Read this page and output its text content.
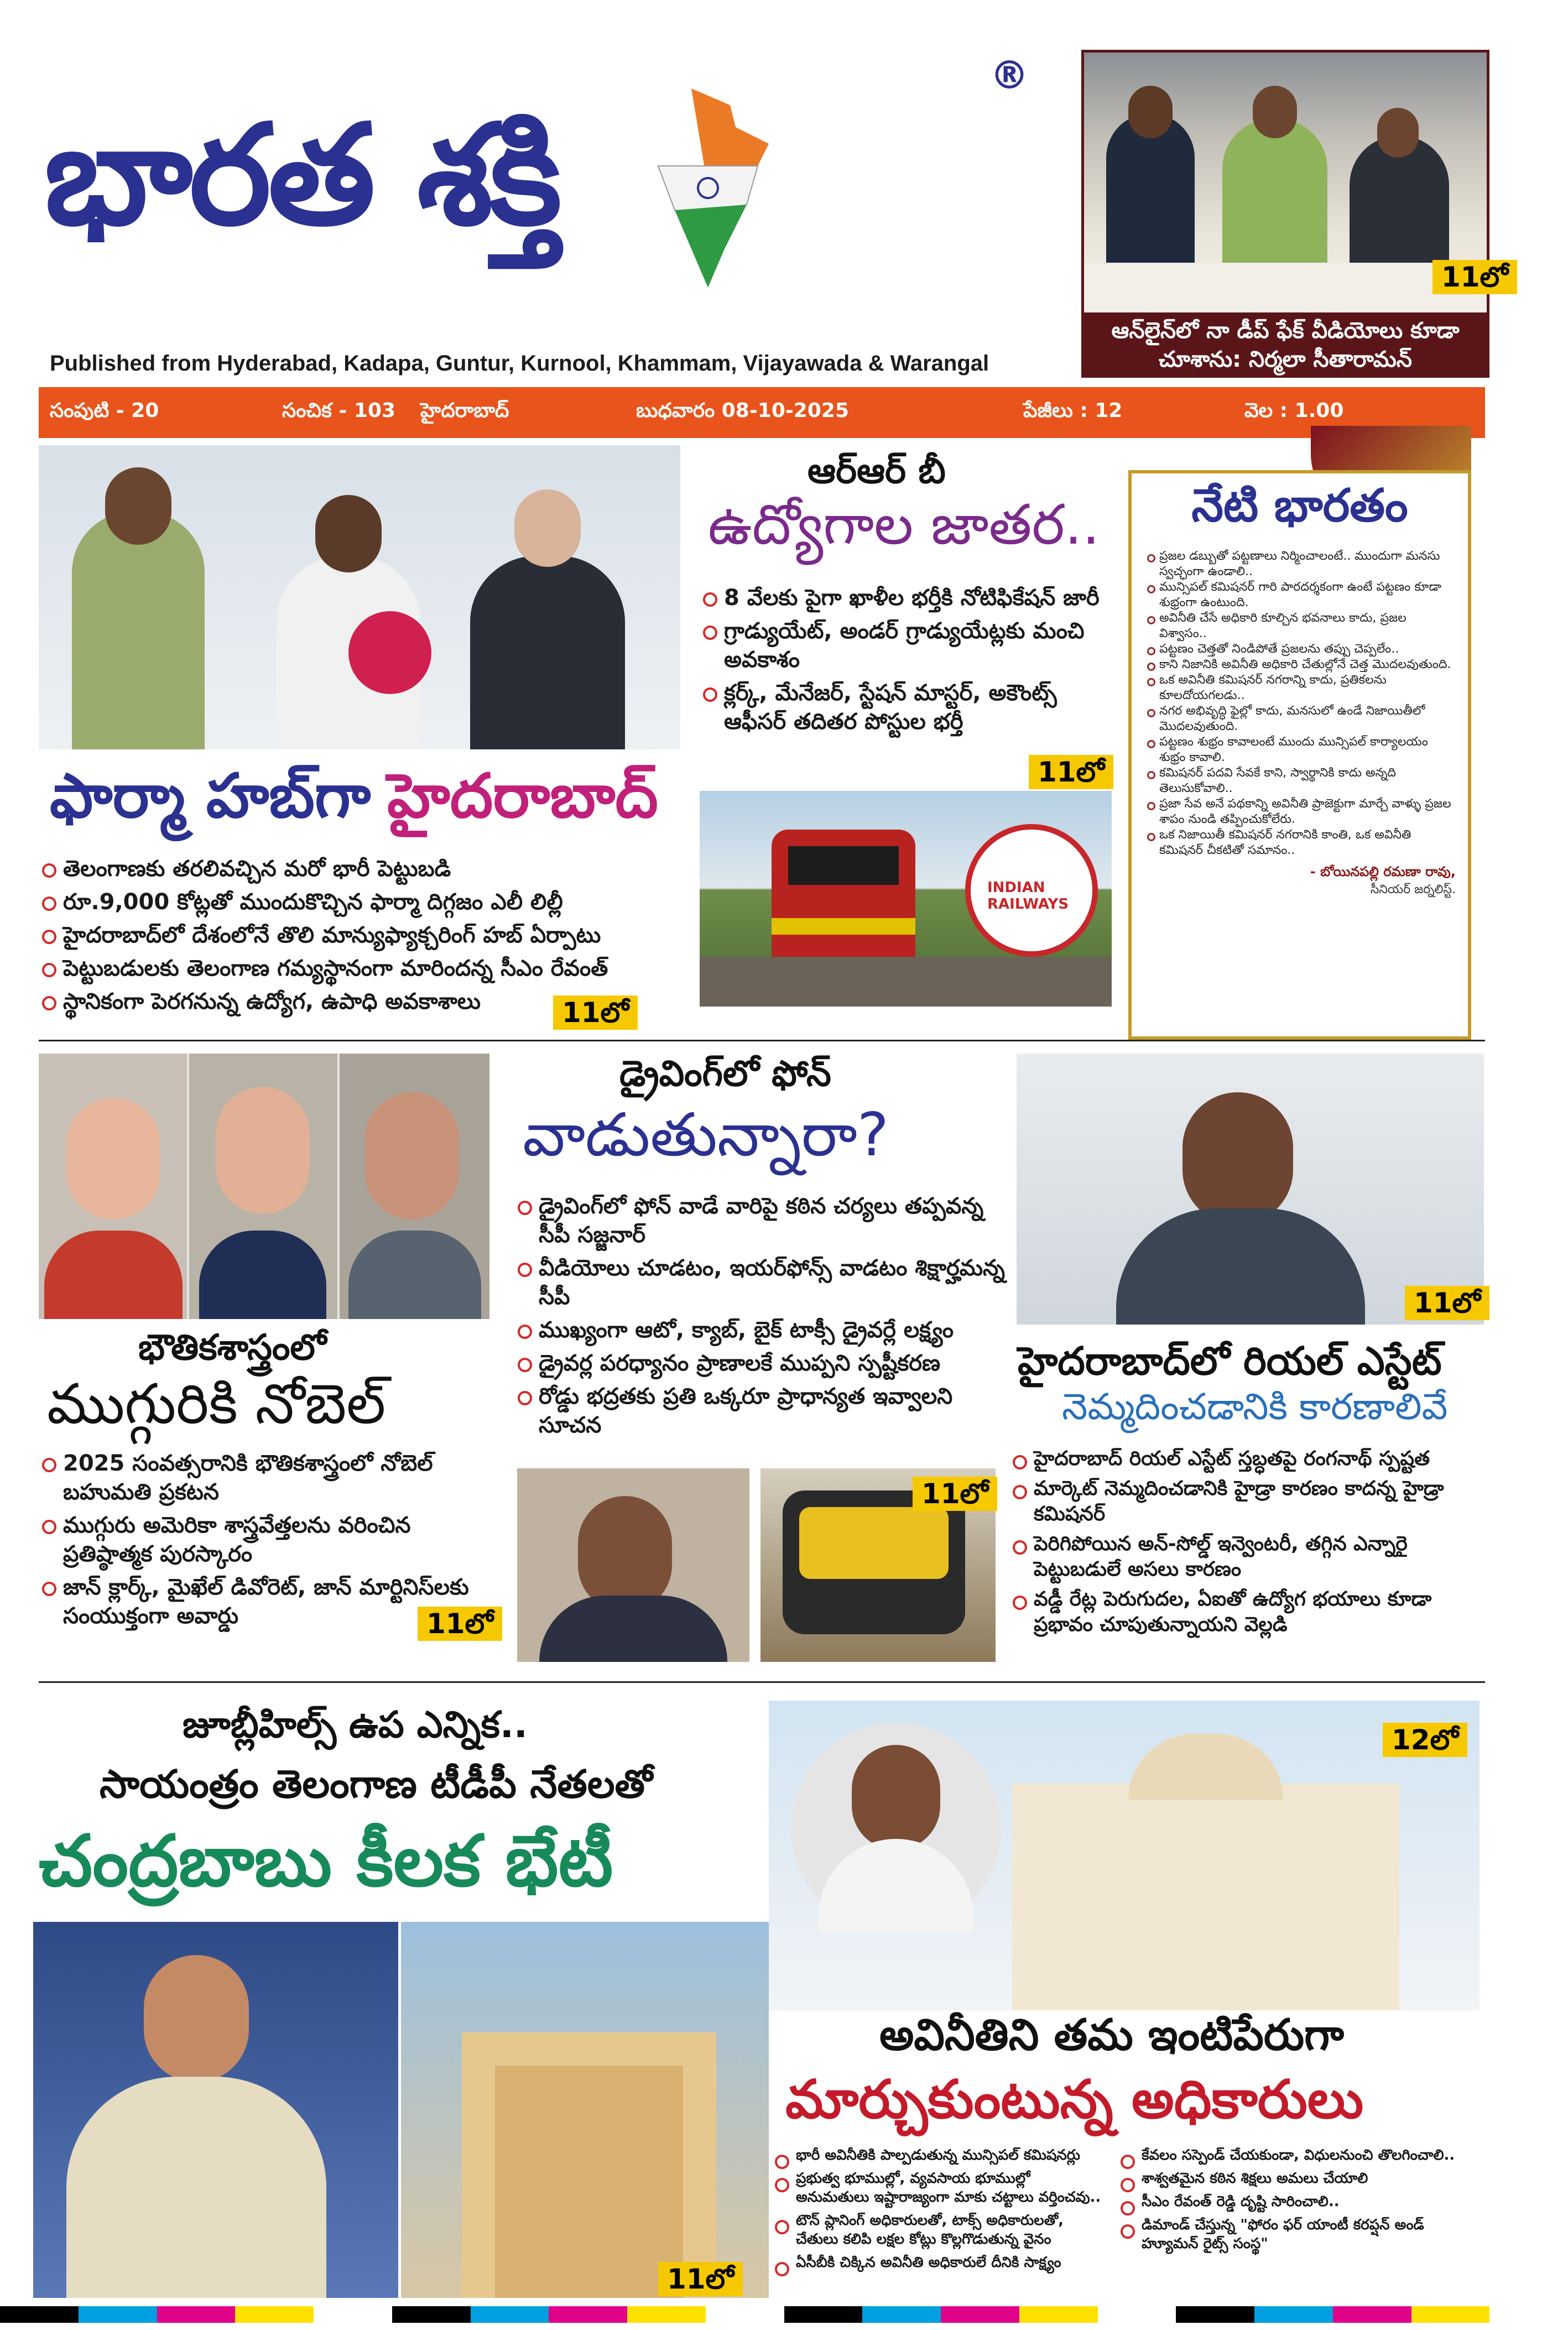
భారత శక్తి
®
Published from Hyderabad, Kadapa, Guntur, Kurnool, Khammam, Vijayawada & Warangal
11లో
ఆన్‌లైన్‌లో నా డీప్ ఫేక్ వీడియోలు కూడా
చూశాను: నిర్మలా సీతారామన్
సంపుటి - 20	సంచిక - 103 హైదరాబాద్	బుధవారం 08-10-2025	పేజీలు : 12	వెల : 1.00
ఫార్మా హబ్‌గా హైదరాబాద్
తెలంగాణకు తరలివచ్చిన మరో భారీ పెట్టుబడి
రూ.9,000 కోట్లతో ముందుకొచ్చిన ఫార్మా దిగ్గజం ఎలీ లిల్లీ
హైదరాబాద్‌లో దేశంలోనే తొలి మాన్యుఫ్యాక్చరింగ్ హబ్ ఏర్పాటు
పెట్టుబడులకు తెలంగాణ గమ్యస్థానంగా మారిందన్న సీఎం రేవంత్
స్థానికంగా పెరగనున్న ఉద్యోగ, ఉపాధి అవకాశాలు	11లో
ఆర్ఆర్ బీ
ఉద్యోగాల జాతర..
8 వేలకు పైగా ఖాళీల భర్తీకి నోటిఫికేషన్ జారీ
గ్రాడ్యుయేట్, అండర్ గ్రాడ్యుయేట్లకు మంచి అవకాశం
క్లర్క్, మేనేజర్, స్టేషన్ మాస్టర్, అకౌంట్స్ ఆఫీసర్ తదితర పోస్టుల భర్తీ
11లో
INDIAN RAILWAYS
నేటి భారతం
ప్రజల డబ్బుతో పట్టణాలు నిర్మించాలంటే.. ముందుగా మనసు స్వచ్ఛంగా ఉండాలి..
మున్సిపల్ కమిషనర్ గారి పారదర్శకంగా ఉంటే పట్టణం కూడా శుభ్రంగా ఉంటుంది.
అవినీతి చేసే అధికారి కూల్చిన భవనాలు కాదు, ప్రజల విశ్వాసం..
పట్టణం చెత్తతో నిండిపోతే ప్రజలను తప్పు చెప్పలేం..
కాని నిజానికి అవినీతి అధికారి చేతుల్లోనే చెత్త మొదలవుతుంది.
ఒక అవినీతి కమిషనర్ నగరాన్ని కాదు, ప్రతికలను కూలదోయగలడు..
నగర అభివృద్ధి ఫైల్లో కాదు, మనసులో ఉండే నిజాయితీలో మొదలవుతుంది.
పట్టణం శుభ్రం కావాలంటే ముందు మున్సిపల్ కార్యాలయం శుభ్రం కావాలి.
కమిషనర్ పదవి సేవకే కాని, స్వార్థానికి కాదు అన్నది తెలుసుకోవాలి..
ప్రజా సేవ అనే పథకాన్ని అవినీతి ప్రాజెక్టుగా మార్చే వాళ్ళు ప్రజల శాపం నుండి తప్పించుకోలేరు.
ఒక నిజాయితీ కమిషనర్ నగరానికి కాంతి, ఒక అవినీతి కమిషనర్ చీకటితో సమానం..
- బోయినపల్లి రమణా రావు,
సీనియర్ జర్నలిస్ట్.
భౌతికశాస్త్రంలో
ముగ్గురికి నోబెల్
2025 సంవత్సరానికి భౌతికశాస్త్రంలో నోబెల్ బహుమతి ప్రకటన
ముగ్గురు అమెరికా శాస్త్రవేత్తలను వరించిన ప్రతిష్ఠాత్మక పురస్కారం
జాన్ క్లార్క్, మైఖేల్ డివోరెట్, జాన్ మార్టినిస్‌లకు సంయుక్తంగా అవార్డు	11లో
డ్రైవింగ్‌లో ఫోన్
వాడుతున్నారా?
డ్రైవింగ్‌లో ఫోన్ వాడే వారిపై కఠిన చర్యలు తప్పవన్న సీపీ సజ్జనార్
వీడియోలు చూడటం, ఇయర్‌ఫోన్స్ వాడటం శిక్షార్హమన్న సీపీ
ముఖ్యంగా ఆటో, క్యాబ్, బైక్ టాక్సీ డ్రైవర్లే లక్ష్యం
డ్రైవర్ల పరధ్యానం ప్రాణాలకే ముప్పని స్పష్టీకరణ
రోడ్డు భద్రతకు ప్రతి ఒక్కరూ ప్రాధాన్యత ఇవ్వాలని సూచన
11లో
11లో
హైదరాబాద్‌లో రియల్ ఎస్టేట్
నెమ్మదించడానికి కారణాలివే
హైదరాబాద్ రియల్ ఎస్టేట్ స్తబ్ధతపై రంగనాథ్ స్పష్టత
మార్కెట్ నెమ్మదించడానికి హైడ్రా కారణం కాదన్న హైడ్రా కమిషనర్
పెరిగిపోయిన అన్-సోల్డ్ ఇన్వెంటరీ, తగ్గిన ఎన్నారై పెట్టుబడులే అసలు కారణం
వడ్డీ రేట్ల పెరుగుదల, ఏఐతో ఉద్యోగ భయాలు కూడా ప్రభావం చూపుతున్నాయని వెల్లడి
జూబ్లీహిల్స్ ఉప ఎన్నిక..
సాయంత్రం తెలంగాణ టీడీపీ నేతలతో
చంద్రబాబు కీలక భేటీ
11లో
12లో
అవినీతిని తమ ఇంటిపేరుగా
మార్చుకుంటున్న అధికారులు
భారీ అవినీతికి పాల్పడుతున్న మున్సిపల్ కమిషనర్లు
ప్రభుత్వ భూముల్లో, వ్యవసాయ భూముల్లో అనుమతులు ఇష్టారాజ్యంగా మాకు చట్టాలు వర్తించవు..
టౌన్ ప్లానింగ్ అధికారులతో, టాక్స్ అధికారులతో, చేతులు కలిపి లక్షల కోట్లు కొల్లగొడుతున్న వైనం
ఏసీబీకి చిక్కిన అవినీతి అధికారులే దీనికి సాక్ష్యం
కేవలం సస్పెండ్ చేయకుండా, విధులనుంచి తొలగించాలి..
శాశ్వతమైన కఠిన శిక్షలు అమలు చేయాలి
సీఎం రేవంత్ రెడ్డి దృష్టి సారించాలి..
డిమాండ్ చేస్తున్న "ఫోరం ఫర్ యాంటీ కరప్షన్ అండ్ హ్యూమన్ రైట్స్ సంస్థ"
